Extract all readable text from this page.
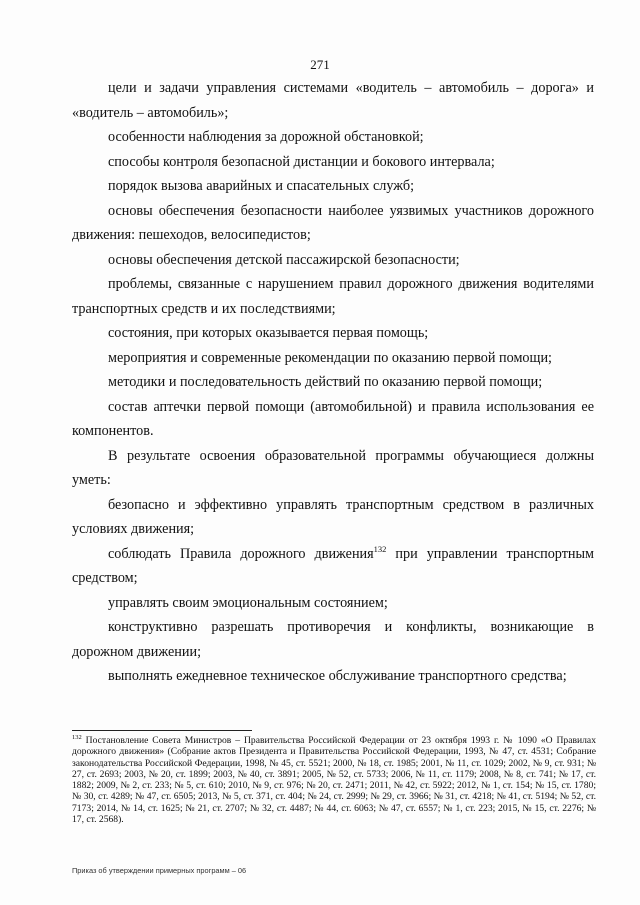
271

цели и задачи управления системами «водитель – автомобиль – дорога» и «водитель – автомобиль»;

особенности наблюдения за дорожной обстановкой;

способы контроля безопасной дистанции и бокового интервала;

порядок вызова аварийных и спасательных служб;

основы обеспечения безопасности наиболее уязвимых участников дорожного движения: пешеходов, велосипедистов;

основы обеспечения детской пассажирской безопасности;

проблемы, связанные с нарушением правил дорожного движения водителями транспортных средств и их последствиями;

состояния, при которых оказывается первая помощь;

мероприятия и современные рекомендации по оказанию первой помощи;

методики и последовательность действий по оказанию первой помощи;

состав аптечки первой помощи (автомобильной) и правила использования ее компонентов.

В результате освоения образовательной программы обучающиеся должны уметь:

безопасно и эффективно управлять транспортным средством в различных условиях движения;

соблюдать Правила дорожного движения$^{132}$ при управлении транспортным средством;

управлять своим эмоциональным состоянием;

конструктивно разрешать противоречия и конфликты, возникающие в дорожном движении;

выполнять ежедневное техническое обслуживание транспортного средства;

$^{132}$ Постановление Совета Министров – Правительства Российской Федерации от 23 октября 1993 г. № 1090 «О Правилах дорожного движения» (Собрание актов Президента и Правительства Российской Федерации, 1993, № 47, ст. 4531; Собрание законодательства Российской Федерации, 1998, № 45, ст. 5521; 2000, № 18, ст. 1985; 2001, № 11, ст. 1029; 2002, № 9, ст. 931; № 27, ст. 2693; 2003, № 20, ст. 1899; 2003, № 40, ст. 3891; 2005, № 52, ст. 5733; 2006, № 11, ст. 1179; 2008, № 8, ст. 741; № 17, ст. 1882; 2009, № 2, ст. 233; № 5, ст. 610; 2010, № 9, ст. 976; № 20, ст. 2471; 2011, № 42, ст. 5922; 2012, № 1, ст. 154; № 15, ст. 1780; № 30, ст. 4289; № 47, ст. 6505; 2013, № 5, ст. 371, ст. 404; № 24, ст. 2999; № 29, ст. 3966; № 31, ст. 4218; № 41, ст. 5194; № 52, ст. 7173; 2014, № 14, ст. 1625; № 21, ст. 2707; № 32, ст. 4487; № 44, ст. 6063; № 47, ст. 6557; № 1, ст. 223; 2015, № 15, ст. 2276; № 17, ст. 2568).
Приказ об утверждении примерных программ – 06
